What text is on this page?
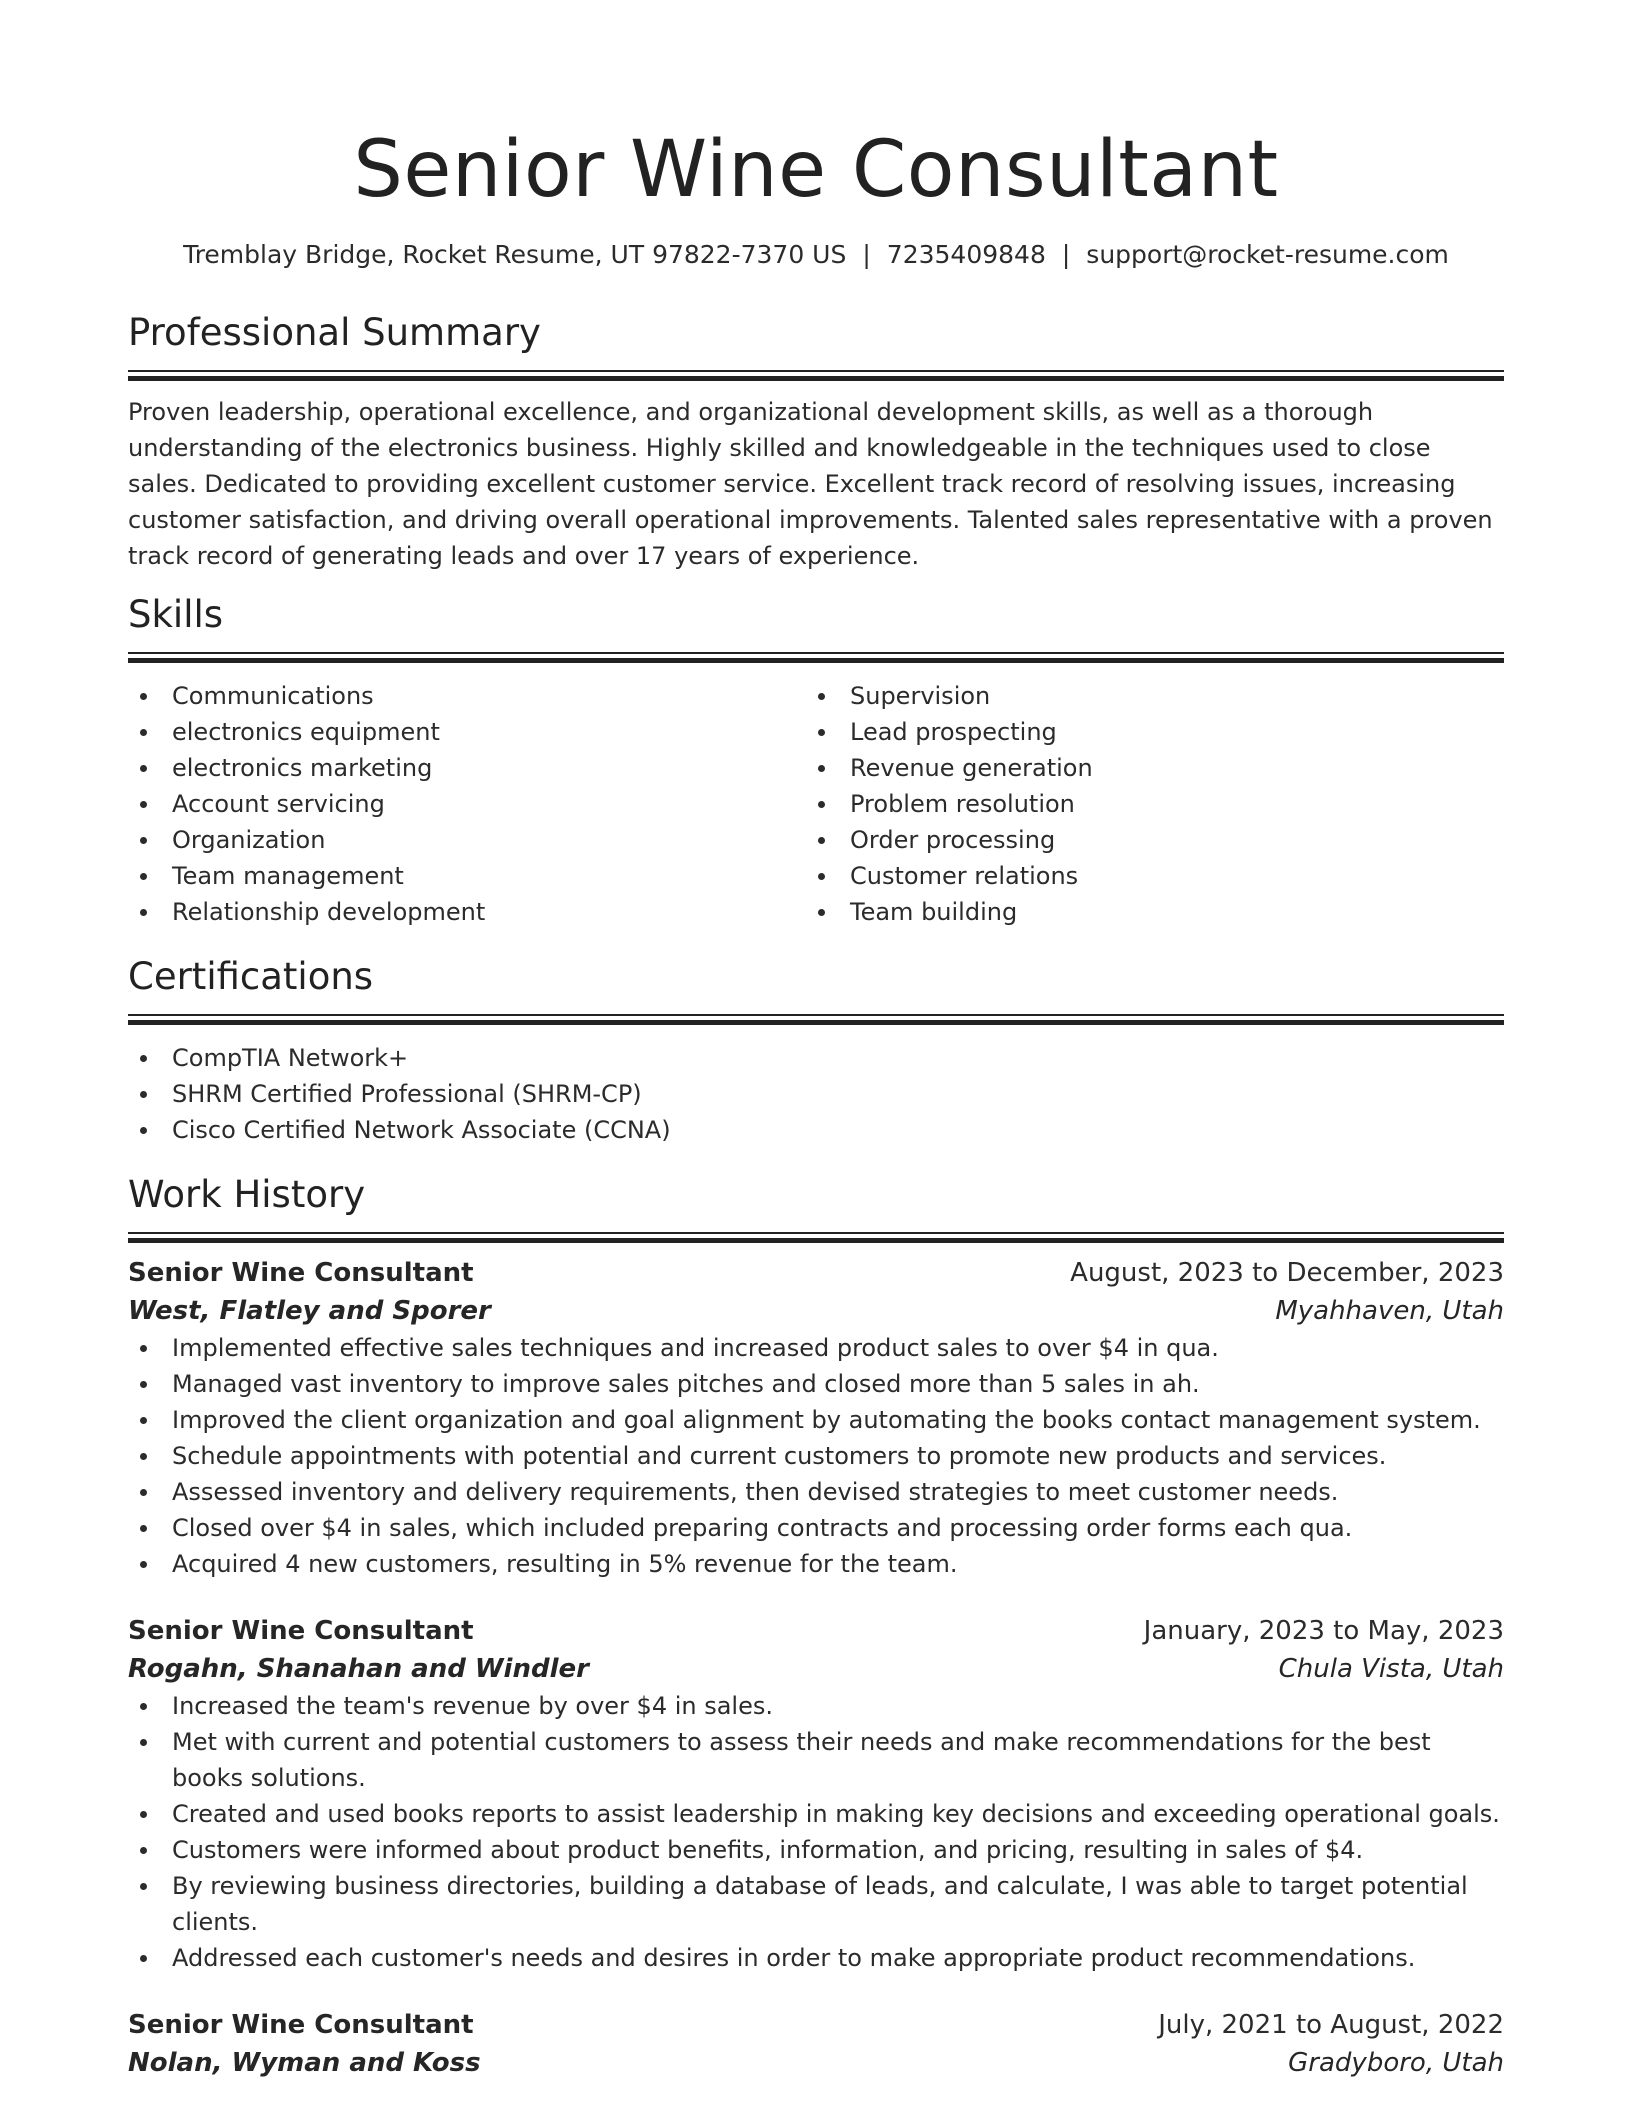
Senior Wine Consultant
Tremblay Bridge, Rocket Resume, UT 97822-7370 US | 7235409848 | support@rocket-resume.com
Professional Summary

Proven leadership, operational excellence, and organizational development skills, as well as a thorough understanding of the electronics business. Highly skilled and knowledgeable in the techniques used to close sales. Dedicated to providing excellent customer service. Excellent track record of resolving issues, increasing customer satisfaction, and driving overall operational improvements. Talented sales representative with a proven track record of generating leads and over 17 years of experience.

Skills
Communications
electronics equipment
electronics marketing
Account servicing
Organization
Team management
Relationship development
Supervision
Lead prospecting
Revenue generation
Problem resolution
Order processing
Customer relations
Team building
Certifications
CompTIA Network+
SHRM Certified Professional (SHRM-CP)
Cisco Certified Network Associate (CCNA)
Work History
Senior Wine Consultant	August, 2023 to December, 2023
West, Flatley and Sporer	Myahhaven, Utah
Implemented effective sales techniques and increased product sales to over $4 in qua.
Managed vast inventory to improve sales pitches and closed more than 5 sales in ah.
Improved the client organization and goal alignment by automating the books contact management system.
Schedule appointments with potential and current customers to promote new products and services.
Assessed inventory and delivery requirements, then devised strategies to meet customer needs.
Closed over $4 in sales, which included preparing contracts and processing order forms each qua.
Acquired 4 new customers, resulting in 5% revenue for the team.
Senior Wine Consultant	January, 2023 to May, 2023
Rogahn, Shanahan and Windler	Chula Vista, Utah
Increased the team's revenue by over $4 in sales.
Met with current and potential customers to assess their needs and make recommendations for the best books solutions.
Created and used books reports to assist leadership in making key decisions and exceeding operational goals.
Customers were informed about product benefits, information, and pricing, resulting in sales of $4.
By reviewing business directories, building a database of leads, and calculate, I was able to target potential clients.
Addressed each customer's needs and desires in order to make appropriate product recommendations.
Senior Wine Consultant	July, 2021 to August, 2022
Nolan, Wyman and Koss	Gradyboro, Utah
